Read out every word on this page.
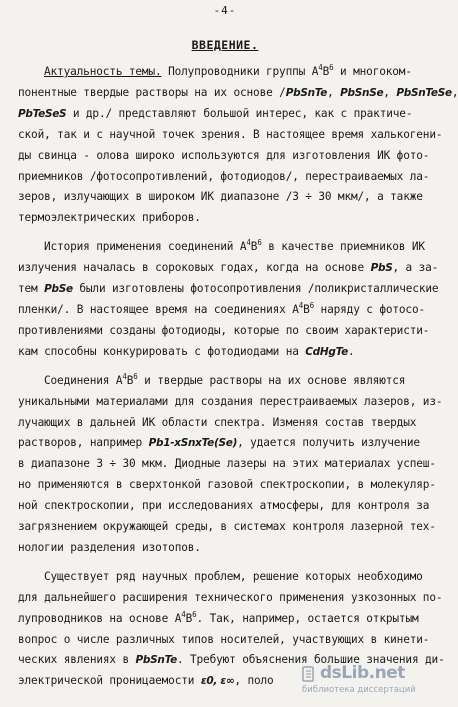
-4-
ВВЕДЕНИЕ.
Актуальность темы. Полупроводники группы $А^4В^6$ и многоком-
понентные твердые растворы на их основе /PbSnTe, PbSnSe, PbSnTeSe,
PbTeSeS и др./ представляют большой интерес, как с практиче-
ской, так и с научной точек зрения. В настоящее время халькогени-
ды свинца - олова широко используются для изготовления ИК фото-
приемников /фотосопротивлений, фотодиодов/, перестраиваемых ла-
зеров, излучающих в широком ИК диапазоне /3 ÷ 30 мкм/, а также
термоэлектрических приборов.
История применения соединений $А^4В^6$ в качестве приемников ИК
излучения началась в сороковых годах, когда на основе PbS, а за-
тем PbSe были изготовлены фотосопротивления /поликристаллические
пленки/. В настоящее время на соединениях $А^4В^6$ наряду с фотосо-
противлениями созданы фотодиоды, которые по своим характеристи-
кам способны конкурировать с фотодиодами на CdHgTe.
Соединения $А^4В^6$ и твердые растворы на их основе являются
уникальными материалами для создания перестраиваемых лазеров, из-
лучающих в дальней ИК области спектра. Изменяя состав твердых
растворов, например Pb1-xSnxTe(Se), удается получить излучение
в диапазоне 3 ÷ 30 мкм. Диодные лазеры на этих материалах успеш-
но применяются в сверхтонкой газовой спектроскопии, в молекуляр-
ной спектроскопии, при исследованиях атмосферы, для контроля за
загрязнением окружающей среды, в системах контроля лазерной тех-
нологии разделения изотопов.
Существует ряд научных проблем, решение которых необходимо
для дальнейшего расширения технического применения узкозонных по-
лупроводников на основе $А^4В^6$. Так, например, остается открытым
вопрос о числе различных типов носителей, участвующих в кинети-
ческих явлениях в PbSnTe. Требуют объяснения большие значения ди-
электрической проницаемости ε0, ε∞, поло	dsLib.net
библиотека диссертаций
